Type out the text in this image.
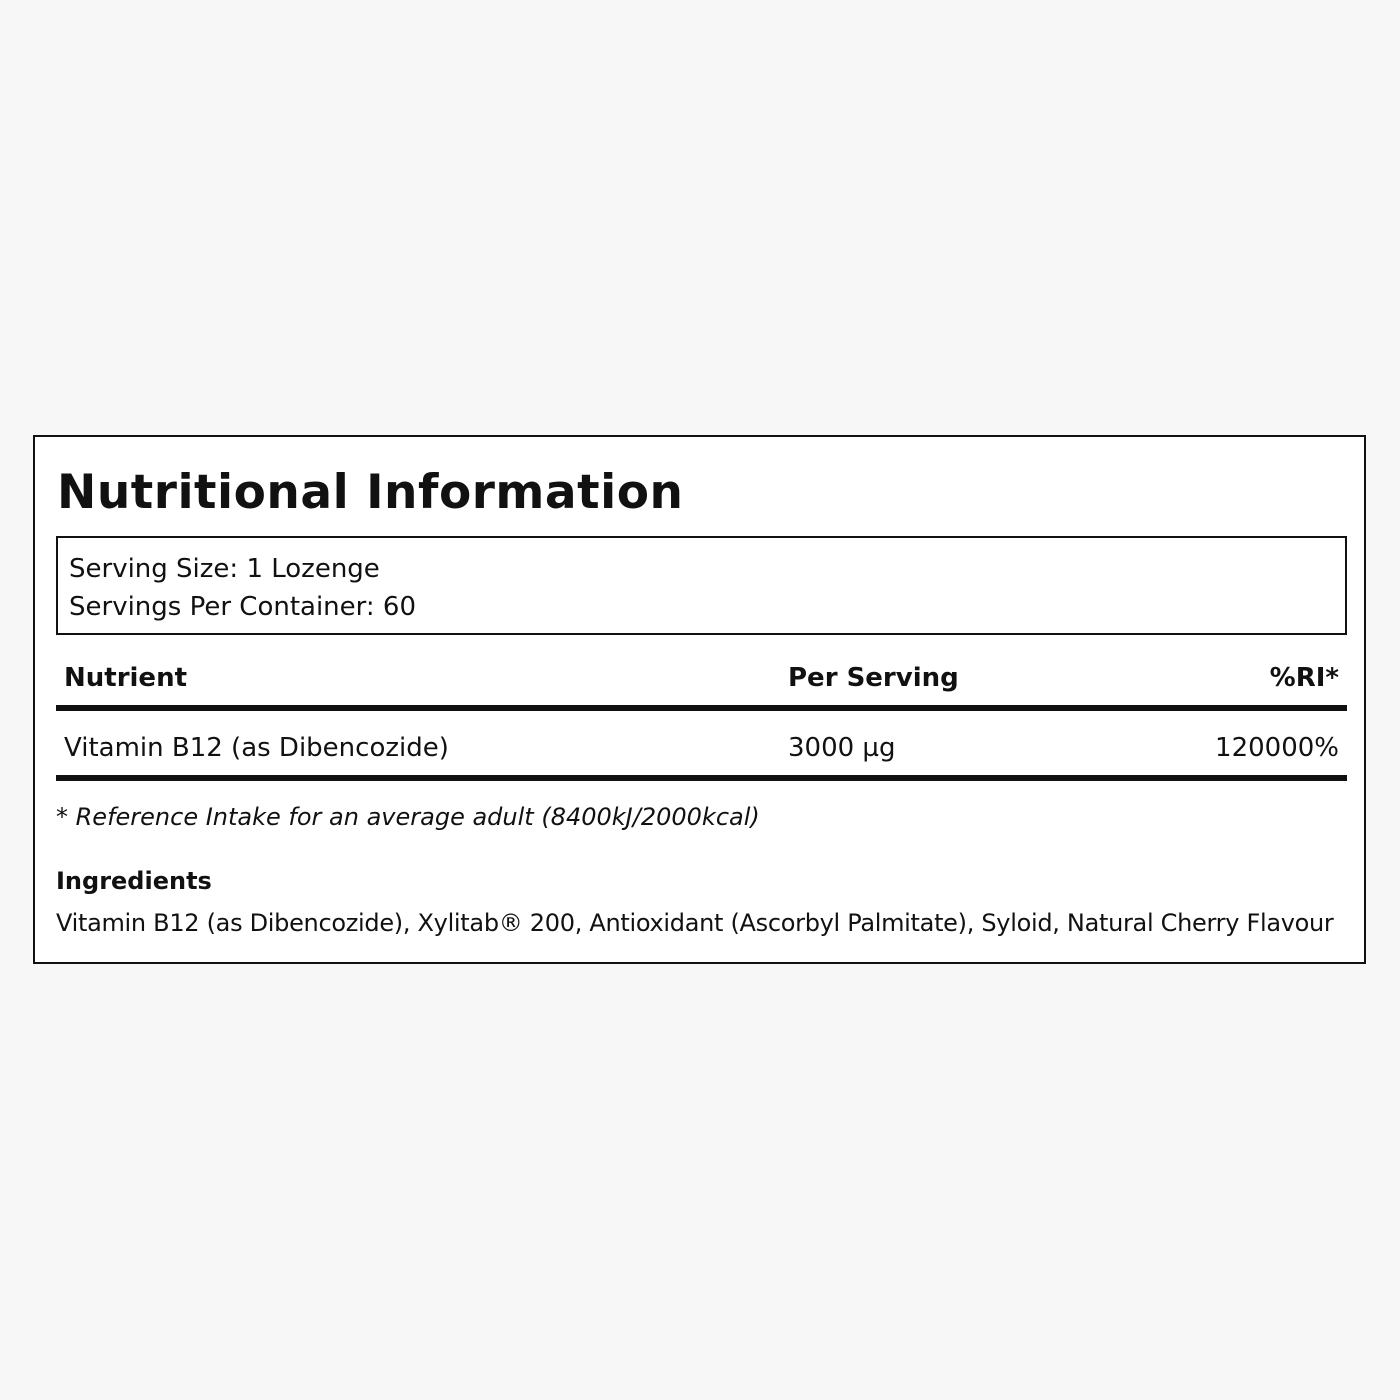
Nutritional Information
Serving Size: 1 Lozenge
Servings Per Container: 60
Nutrient	Per Serving	%RI*
Vitamin B12 (as Dibencozide)	3000 µg	120000%
* Reference Intake for an average adult (8400kJ/2000kcal)
Ingredients
Vitamin B12 (as Dibencozide), Xylitab® 200, Antioxidant (Ascorbyl Palmitate), Syloid, Natural Cherry Flavour
